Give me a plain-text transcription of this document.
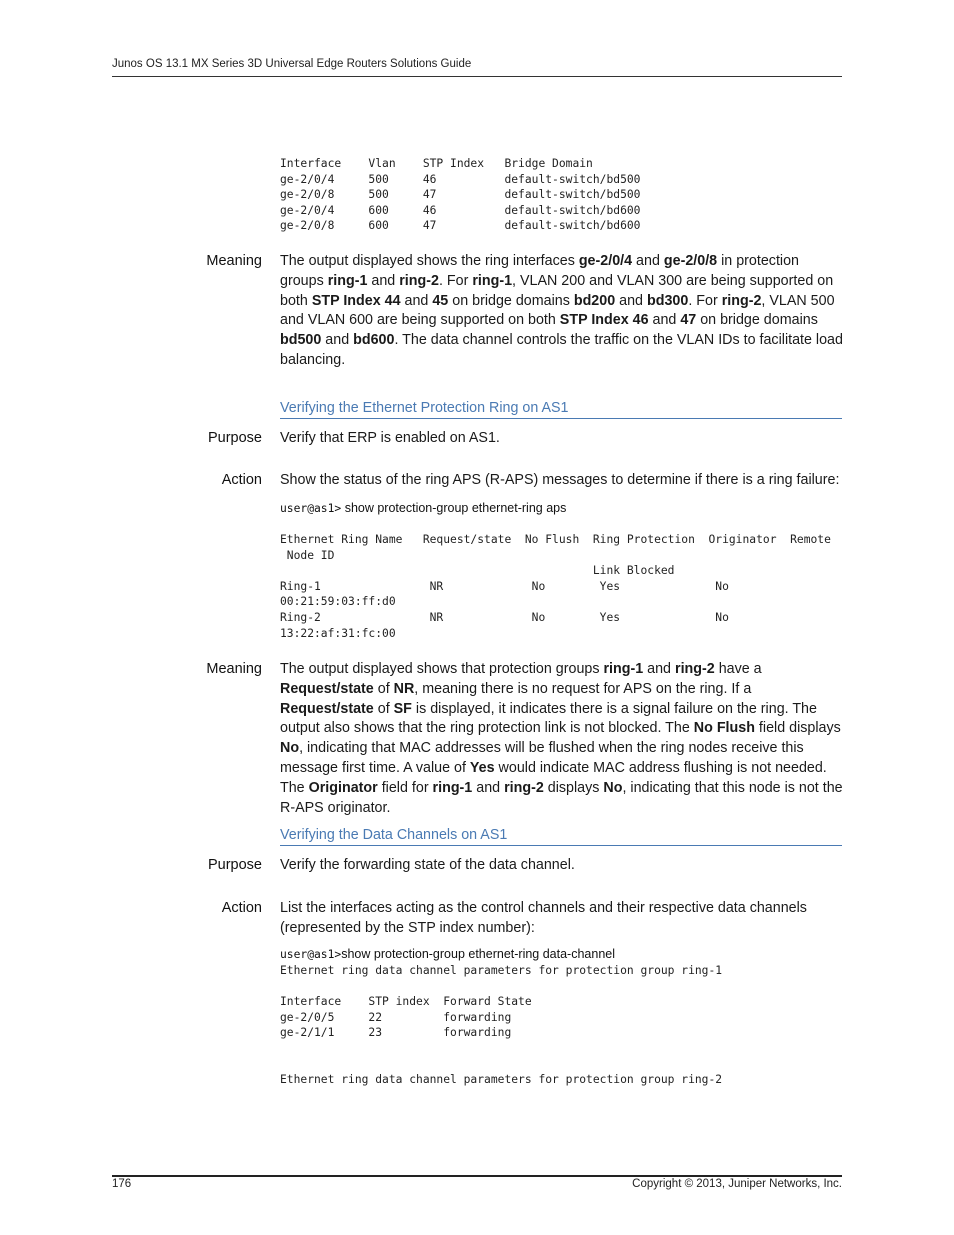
Junos OS 13.1 MX Series 3D Universal Edge Routers Solutions Guide
Interface    Vlan    STP Index   Bridge Domain
ge-2/0/4     500     46          default-switch/bd500
ge-2/0/8     500     47          default-switch/bd500
ge-2/0/4     600     46          default-switch/bd600
ge-2/0/8     600     47          default-switch/bd600
Meaning The output displayed shows the ring interfaces ge-2/0/4 and ge-2/0/8 in protection groups ring-1 and ring-2. For ring-1, VLAN 200 and VLAN 300 are being supported on both STP Index 44 and 45 on bridge domains bd200 and bd300. For ring-2, VLAN 500 and VLAN 600 are being supported on both STP Index 46 and 47 on bridge domains bd500 and bd600. The data channel controls the traffic on the VLAN IDs to facilitate load balancing.
Verifying the Ethernet Protection Ring on AS1
Purpose Verify that ERP is enabled on AS1.
Action Show the status of the ring APS (R-APS) messages to determine if there is a ring failure:
user@as1> show protection-group ethernet-ring aps
Ethernet Ring Name   Request/state  No Flush  Ring Protection  Originator  Remote
Node ID
Link Blocked
Ring-1                NR             No        Yes              No
00:21:59:03:ff:d0
Ring-2                NR             No        Yes              No
13:22:af:31:fc:00
Meaning The output displayed shows that protection groups ring-1 and ring-2 have a Request/state of NR, meaning there is no request for APS on the ring. If a Request/state of SF is displayed, it indicates there is a signal failure on the ring. The output also shows that the ring protection link is not blocked. The No Flush field displays No, indicating that MAC addresses will be flushed when the ring nodes receive this message first time. A value of Yes would indicate MAC address flushing is not needed. The Originator field for ring-1 and ring-2 displays No, indicating that this node is not the R-APS originator.
Verifying the Data Channels on AS1
Purpose Verify the forwarding state of the data channel.
Action List the interfaces acting as the control channels and their respective data channels (represented by the STP index number):
user@as1>show protection-group ethernet-ring data-channel
Ethernet ring data channel parameters for protection group ring-1

Interface    STP index  Forward State
ge-2/0/5     22         forwarding
ge-2/1/1     23         forwarding
Ethernet ring data channel parameters for protection group ring-2
176	Copyright © 2013, Juniper Networks, Inc.
